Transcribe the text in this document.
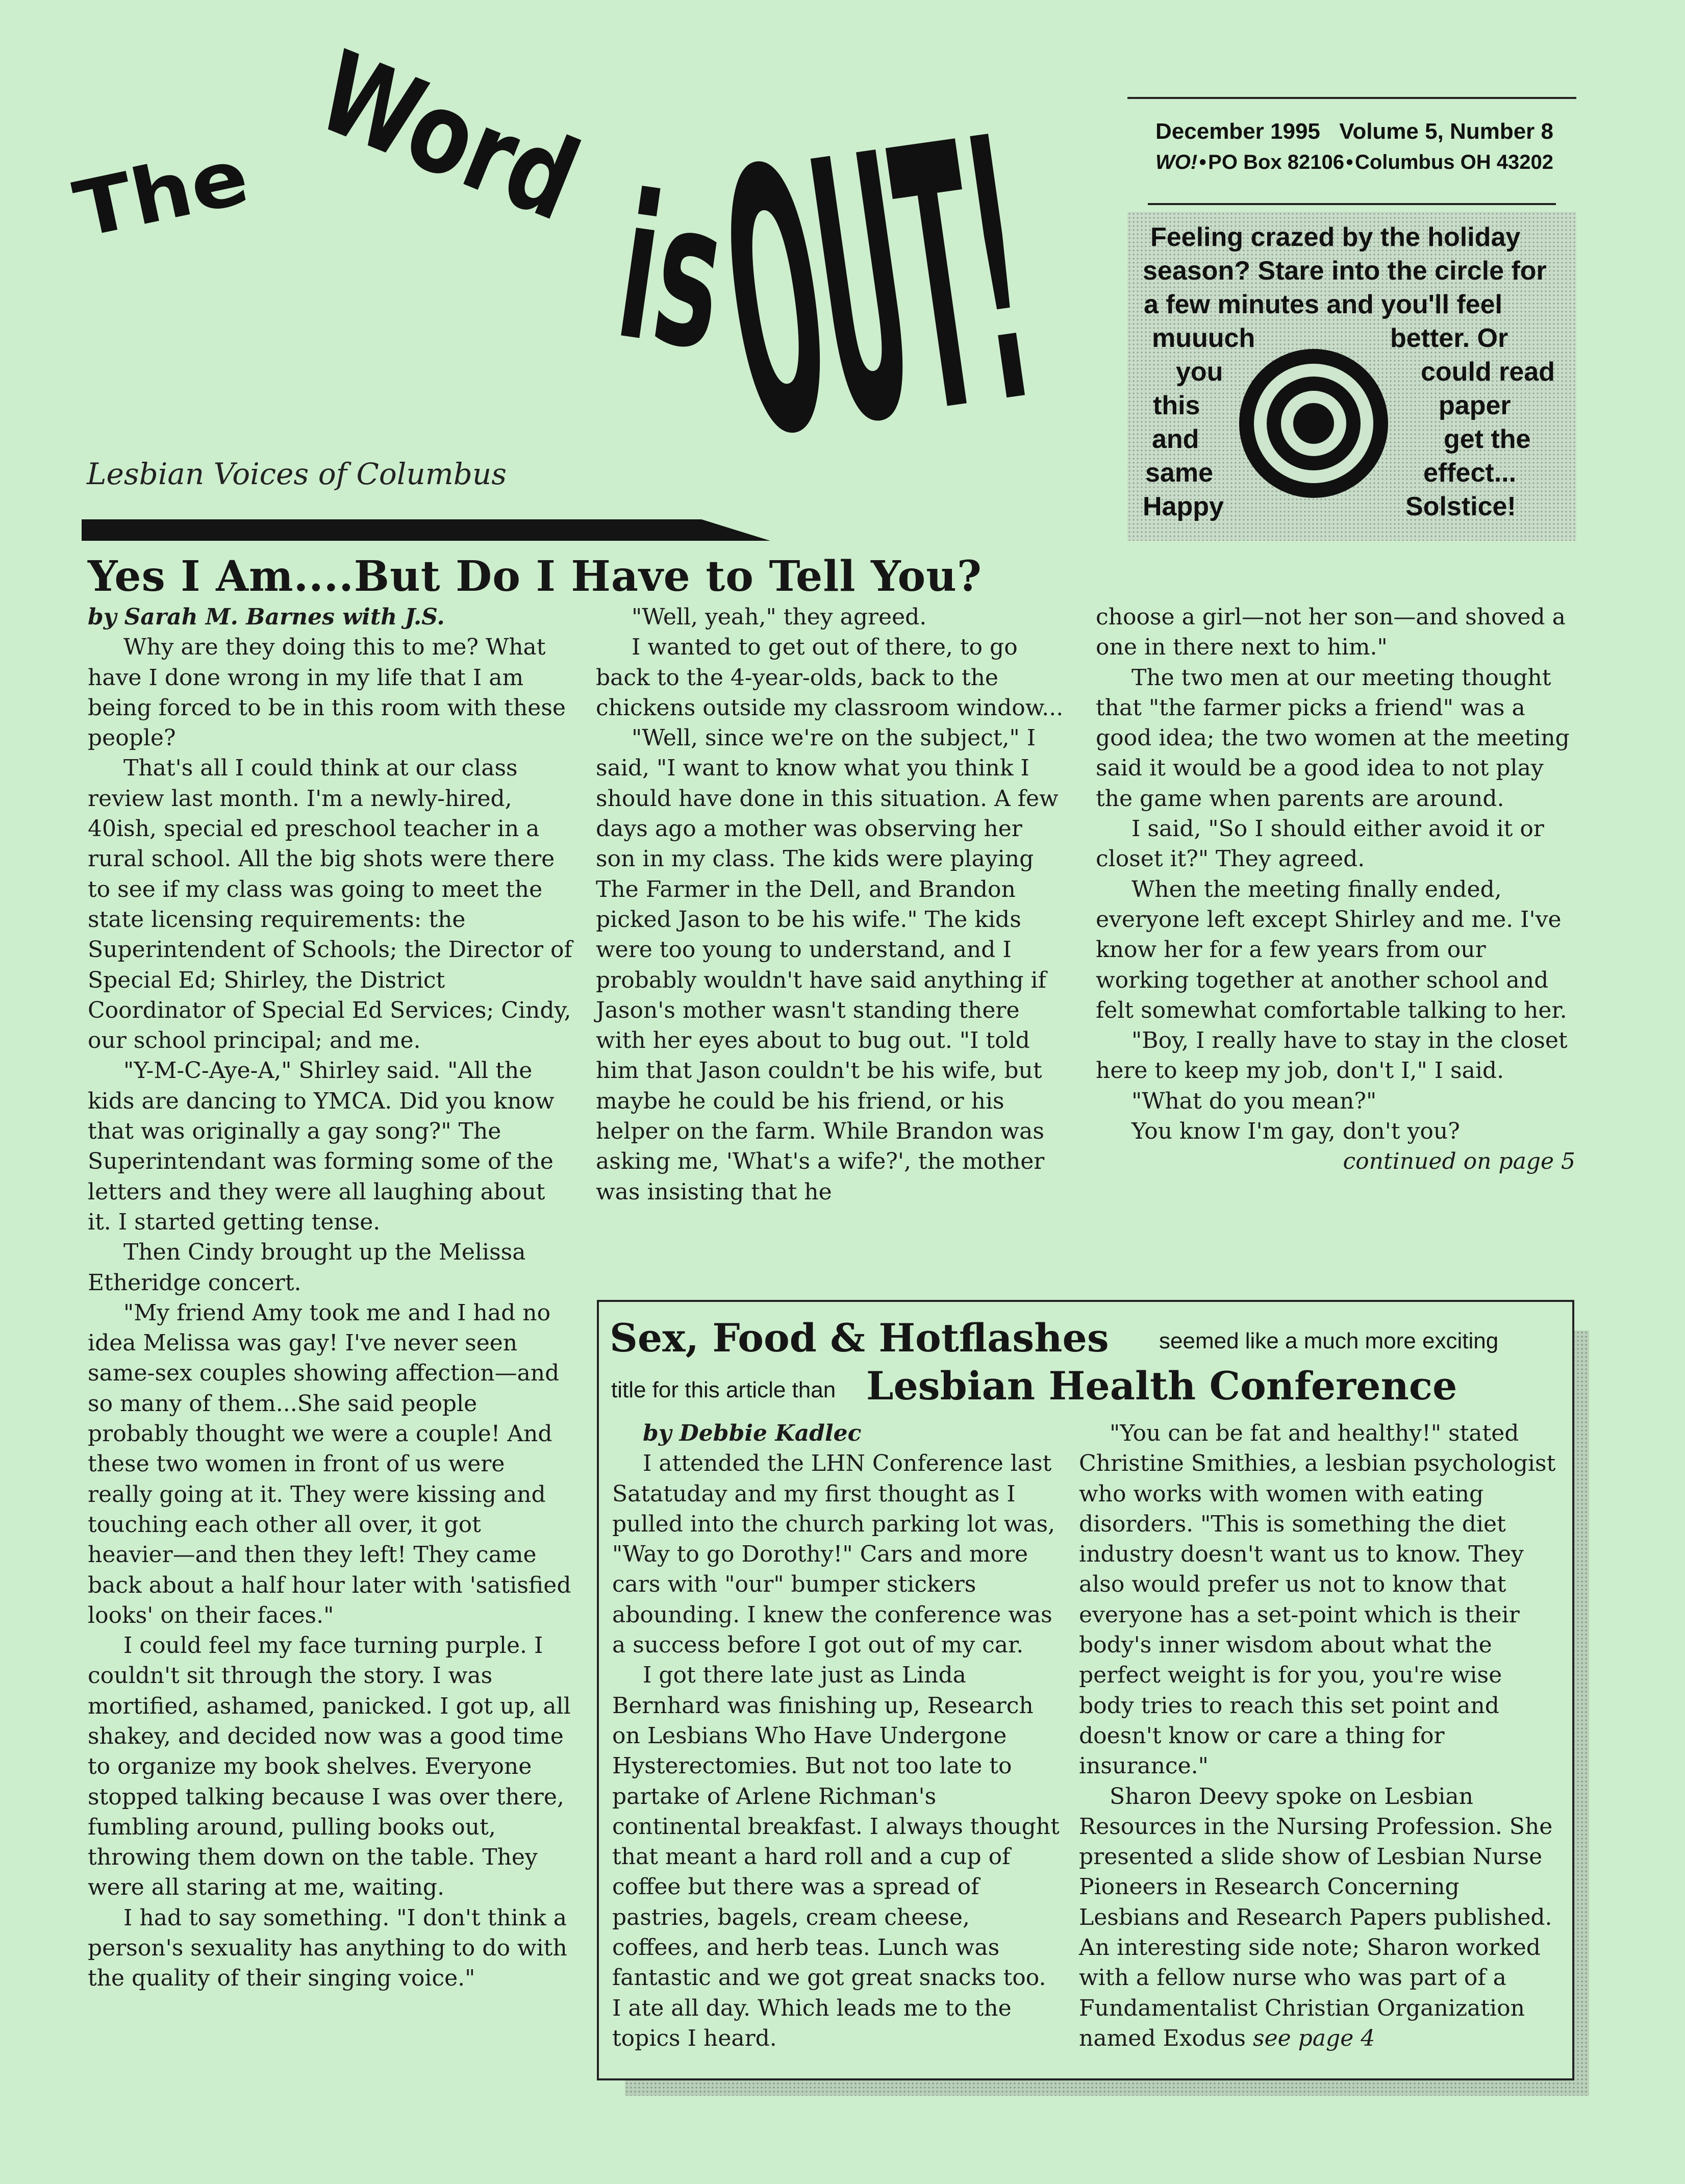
The Word
is
OUT!
Lesbian Voices of Columbus
December 1995 Volume 5, Number 8
WO! • PO Box 82106 • Columbus OH 43202
Feeling crazed by the holiday
season? Stare into the circle for
a few minutes and you'll feel
muuuch	better. Or
you	could read
this	paper
and	get the
same	effect...
Happy	Solstice!
Yes I Am....But Do I Have to Tell You?

by Sarah M. Barnes with J.S.

Why are they doing this to me? What have I done wrong in my life that I am being forced to be in this room with these people?

That's all I could think at our class review last month. I'm a newly-hired, 40ish, special ed preschool teacher in a rural school. All the big shots were there to see if my class was going to meet the state licensing requirements: the Superintendent of Schools; the Director of Special Ed; Shirley, the District Coordinator of Special Ed Services; Cindy, our school principal; and me.

"Y-M-C-Aye-A," Shirley said. "All the kids are dancing to YMCA. Did you know that was originally a gay song?" The Superintendant was forming some of the letters and they were all laughing about it. I started getting tense.

Then Cindy brought up the Melissa Etheridge concert.

"My friend Amy took me and I had no idea Melissa was gay! I've never seen same-sex couples showing affection—and so many of them...She said people probably thought we were a couple! And these two women in front of us were really going at it. They were kissing and touching each other all over, it got heavier—and then they left! They came back about a half hour later with 'satisfied looks' on their faces."

I could feel my face turning purple. I couldn't sit through the story. I was mortified, ashamed, panicked. I got up, all shakey, and decided now was a good time to organize my book shelves. Everyone stopped talking because I was over there, fumbling around, pulling books out, throwing them down on the table. They were all staring at me, waiting.

I had to say something. "I don't think a person's sexuality has anything to do with the quality of their singing voice."

"Well, yeah," they agreed.

I wanted to get out of there, to go back to the 4-year-olds, back to the chickens outside my classroom window...

"Well, since we're on the subject," I said, "I want to know what you think I should have done in this situation. A few days ago a mother was observing her son in my class. The kids were playing The Farmer in the Dell, and Brandon picked Jason to be his wife." The kids were too young to understand, and I probably wouldn't have said anything if Jason's mother wasn't standing there with her eyes about to bug out. "I told him that Jason couldn't be his wife, but maybe he could be his friend, or his helper on the farm. While Brandon was asking me, 'What's a wife?', the mother was insisting that he

choose a girl—not her son—and shoved a one in there next to him."

The two men at our meeting thought that "the farmer picks a friend" was a good idea; the two women at the meeting said it would be a good idea to not play the game when parents are around.

I said, "So I should either avoid it or closet it?" They agreed.

When the meeting finally ended, everyone left except Shirley and me. I've know her for a few years from our working together at another school and felt somewhat comfortable talking to her.

"Boy, I really have to stay in the closet here to keep my job, don't I," I said.

"What do you mean?"

You know I'm gay, don't you?

continued on page 5

Sex, Food & Hotflashes seemed like a much more exciting
title for this article than Lesbian Health Conference

by Debbie Kadlec

I attended the LHN Conference last Satatuday and my first thought as I pulled into the church parking lot was, "Way to go Dorothy!" Cars and more cars with "our" bumper stickers abounding. I knew the conference was a success before I got out of my car.

I got there late just as Linda Bernhard was finishing up, Research on Lesbians Who Have Undergone Hysterectomies. But not too late to partake of Arlene Richman's continental breakfast. I always thought that meant a hard roll and a cup of coffee but there was a spread of pastries, bagels, cream cheese, coffees, and herb teas. Lunch was fantastic and we got great snacks too. I ate all day. Which leads me to the topics I heard.

"You can be fat and healthy!" stated Christine Smithies, a lesbian psychologist who works with women with eating disorders. "This is something the diet industry doesn't want us to know. They also would prefer us not to know that everyone has a set-point which is their body's inner wisdom about what the perfect weight is for you, you're wise body tries to reach this set point and doesn't know or care a thing for insurance."

Sharon Deevy spoke on Lesbian Resources in the Nursing Profession. She presented a slide show of Lesbian Nurse Pioneers in Research Concerning Lesbians and Research Papers published. An interesting side note; Sharon worked with a fellow nurse who was part of a Fundamentalist Christian Organization named Exodus see page 4
